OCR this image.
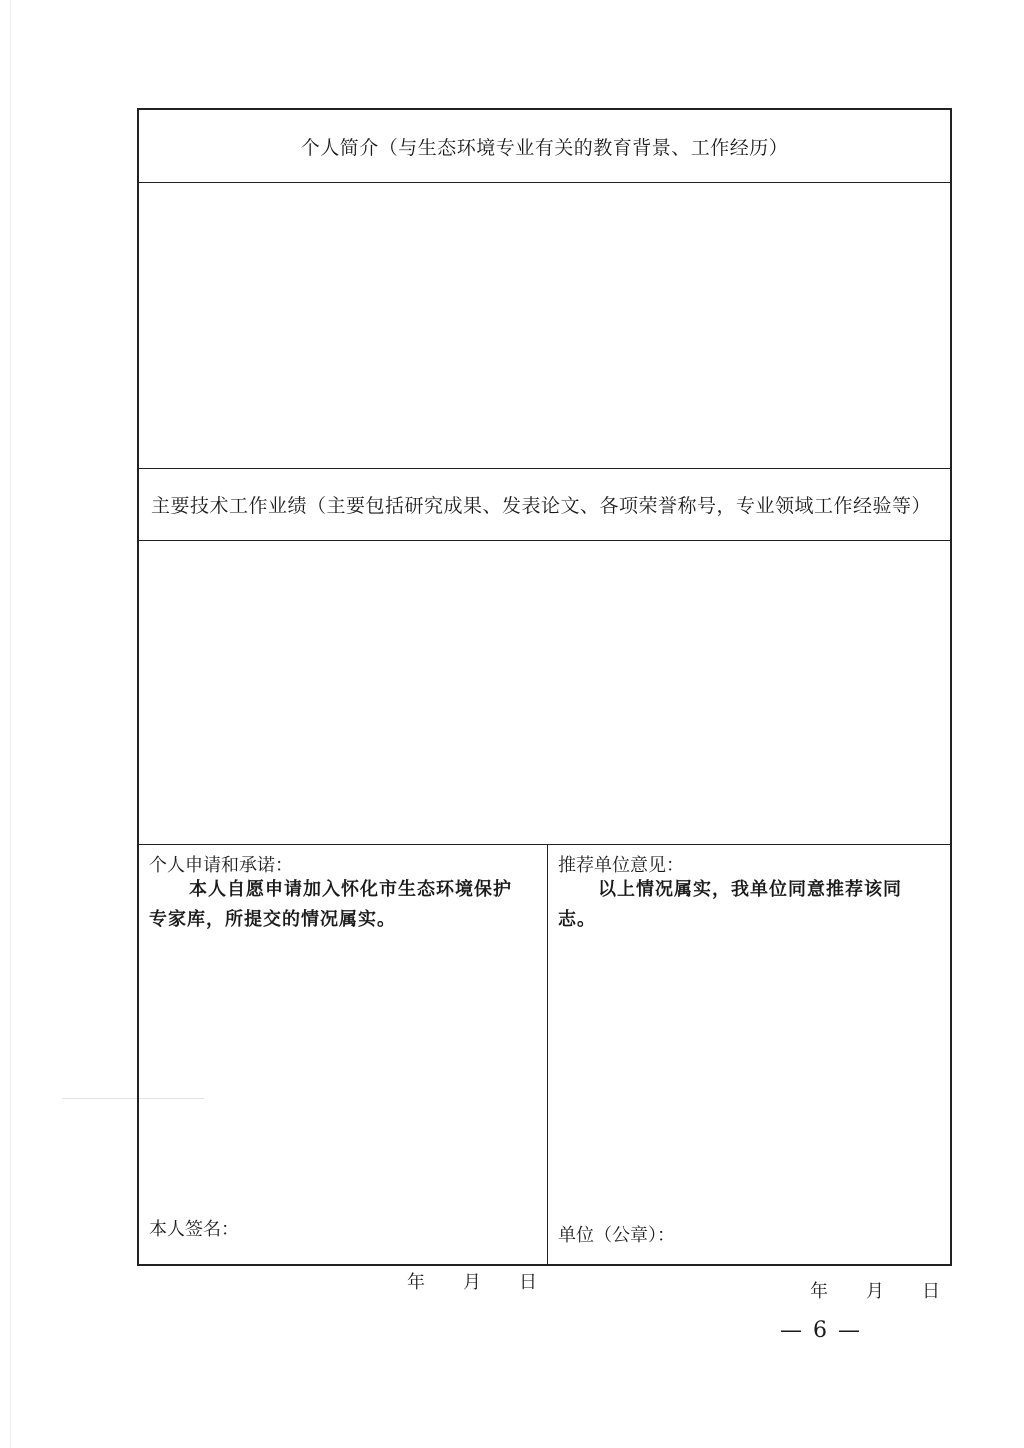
个人简介（与生态环境专业有关的教育背景、工作经历）
主要技术工作业绩（主要包括研究成果、发表论文、各项荣誉称号，专业领域工作经验等）
个人申请和承诺：
本人自愿申请加入怀化市生态环境保护专家库，所提交的情况属实。
本人签名：
年 月 日
推荐单位意见：
以上情况属实，我单位同意推荐该同志。
单位（公章）：
年 月 日
— 6 —
